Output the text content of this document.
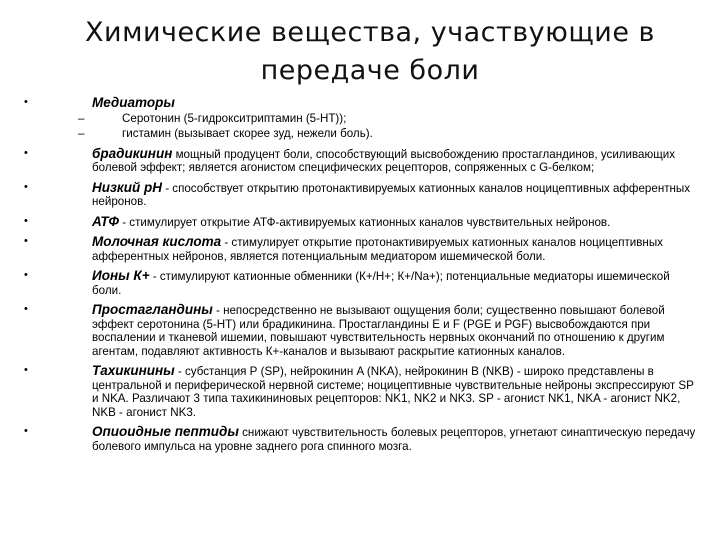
Химические вещества, участвующие в передаче боли
•	Медиаторы
–	Серотонин (5-гидрокситриптамин (5-HT));
–	гистамин (вызывает скорее зуд, нежели боль).
•	брадикинин мощный продуцент боли, способствующий высвобождению простагландинов, усиливающих болевой эффект; является агонистом специфических рецепторов, сопряженных с G-белком;
•	Низкий рН - способствует открытию протонактивируемых катионных каналов ноцицептивных афферентных нейронов.
•	АТФ - стимулирует открытие АТФ-активируемых катионных каналов чувствительных нейронов.
•	Молочная кислота - стимулирует открытие протонактивируемых катионных каналов ноцицептивных афферентных нейронов, является потенциальным медиатором ишемической боли.
•	Ионы К+ - стимулируют катионные обменники (К+/Н+; К+/Na+); потенциальные медиаторы ишемической боли.
•	Простагландины - непосредственно не вызывают ощущения боли; существенно повышают болевой эффект серотонина (5-HT) или брадикинина. Простагландины Е и F (PGE и PGF) высвобождаются при воспалении и тканевой ишемии, повышают чувствительность нервных окончаний по отношению к другим агентам, подавляют активность К+-каналов и вызывают раскрытие катионных каналов.
•	Тахикинины - субстанция Р (SP), нейрокинин A (NKA), нейрокинин B (NKB) - широко представлены в центральной и периферической нервной системе; ноцицептивные чувствительные нейроны экспрессируют SP и NKA. Различают 3 типа тахикининовых рецепторов: NK1, NK2 и NK3. SP - агонист NK1, NKA - агонист NK2, NKB - агонист NK3.
•	Опиоидные пептиды снижают чувствительность болевых рецепторов, угнетают синаптическую передачу болевого импульса на уровне заднего рога спинного мозга.
